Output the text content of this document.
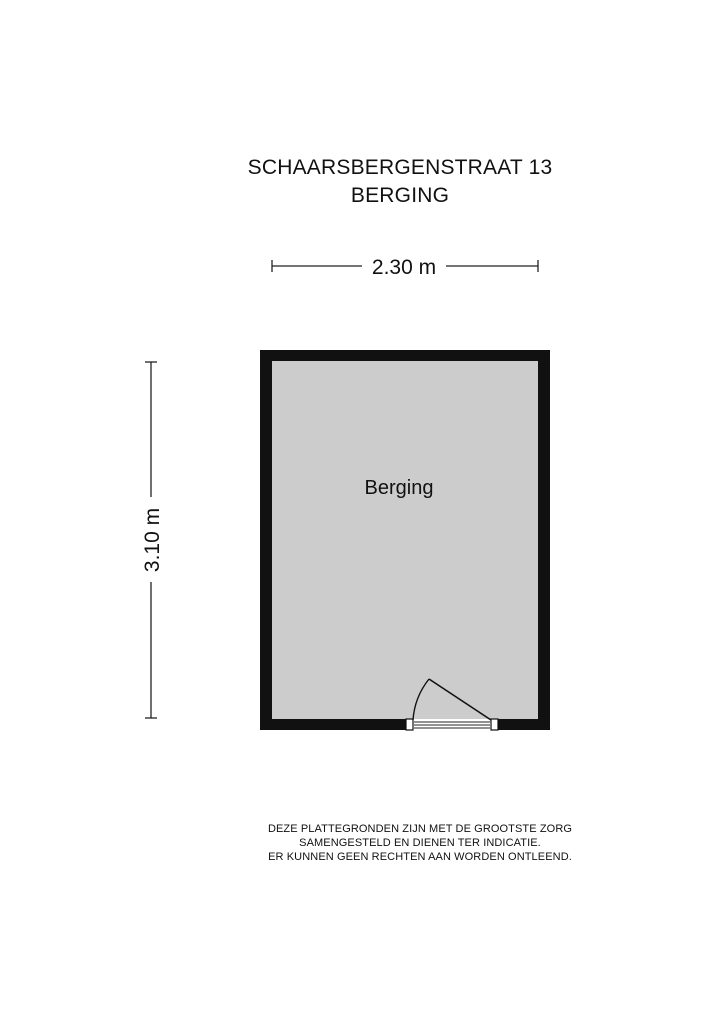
SCHAARSBERGENSTRAAT 13
BERGING
2.30 m
3.10 m
Berging
DEZE PLATTEGRONDEN ZIJN MET DE GROOTSTE ZORG
SAMENGESTELD EN DIENEN TER INDICATIE.
ER KUNNEN GEEN RECHTEN AAN WORDEN ONTLEEND.
